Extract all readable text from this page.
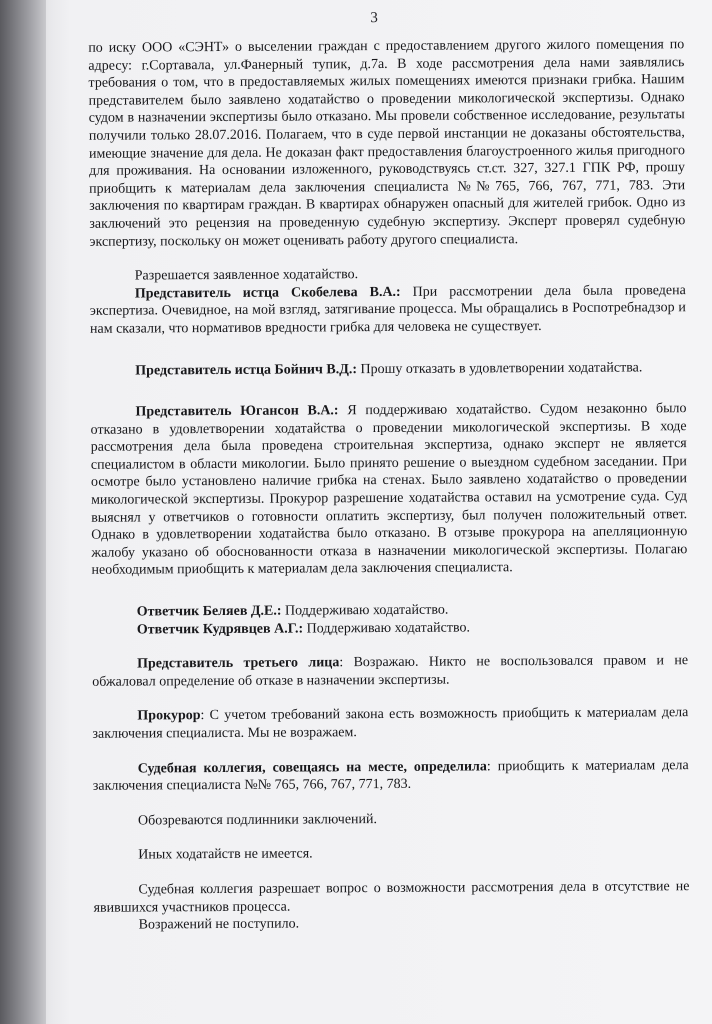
3

по иску ООО «СЭНТ» о выселении граждан с предоставлением другого жилого помещения по адресу: г.Сортавала, ул.Фанерный тупик, д.7а. В ходе рассмотрения дела нами заявлялись требования о том, что в предоставляемых жилых помещениях имеются признаки грибка. Нашим представителем было заявлено ходатайство о проведении микологической экспертизы. Однако судом в назначении экспертизы было отказано. Мы провели собственное исследование, результаты получили только 28.07.2016. Полагаем, что в суде первой инстанции не доказаны обстоятельства, имеющие значение для дела. Не доказан факт предоставления благоустроенного жилья пригодного для проживания. На основании изложенного, руководствуясь ст.ст. 327, 327.1 ГПК РФ, прошу приобщить к материалам дела заключения специалиста №№765, 766, 767, 771, 783. Эти заключения по квартирам граждан. В квартирах обнаружен опасный для жителей грибок. Одно из заключений это рецензия на проведенную судебную экспертизу. Эксперт проверял судебную экспертизу, поскольку он может оценивать работу другого специалиста.

Разрешается заявленное ходатайство.

Представитель истца Скобелева В.А.: При рассмотрении дела была проведена экспертиза. Очевидное, на мой взгляд, затягивание процесса. Мы обращались в Роспотребнадзор и нам сказали, что нормативов вредности грибка для человека не существует.

Представитель истца Бойнич В.Д.: Прошу отказать в удовлетворении ходатайства.

Представитель Югансон В.А.: Я поддерживаю ходатайство. Судом незаконно было отказано в удовлетворении ходатайства о проведении микологической экспертизы. В ходе рассмотрения дела была проведена строительная экспертиза, однако эксперт не является специалистом в области микологии. Было принято решение о выездном судебном заседании. При осмотре было установлено наличие грибка на стенах. Было заявлено ходатайство о проведении микологической экспертизы. Прокурор разрешение ходатайства оставил на усмотрение суда. Суд выяснял у ответчиков о готовности оплатить экспертизу, был получен положительный ответ. Однако в удовлетворении ходатайства было отказано. В отзыве прокурора на апелляционную жалобу указано об обоснованности отказа в назначении микологической экспертизы. Полагаю необходимым приобщить к материалам дела заключения специалиста.

Ответчик Беляев Д.Е.: Поддерживаю ходатайство.

Ответчик Кудрявцев А.Г.: Поддерживаю ходатайство.

Представитель третьего лица: Возражаю. Никто не воспользовался правом и не обжаловал определение об отказе в назначении экспертизы.

Прокурор: С учетом требований закона есть возможность приобщить к материалам дела заключения специалиста. Мы не возражаем.

Судебная коллегия, совещаясь на месте, определила: приобщить к материалам дела заключения специалиста №№ 765, 766, 767, 771, 783.

Обозреваются подлинники заключений.

Иных ходатайств не имеется.

Судебная коллегия разрешает вопрос о возможности рассмотрения дела в отсутствие не явившихся участников процесса.

Возражений не поступило.
